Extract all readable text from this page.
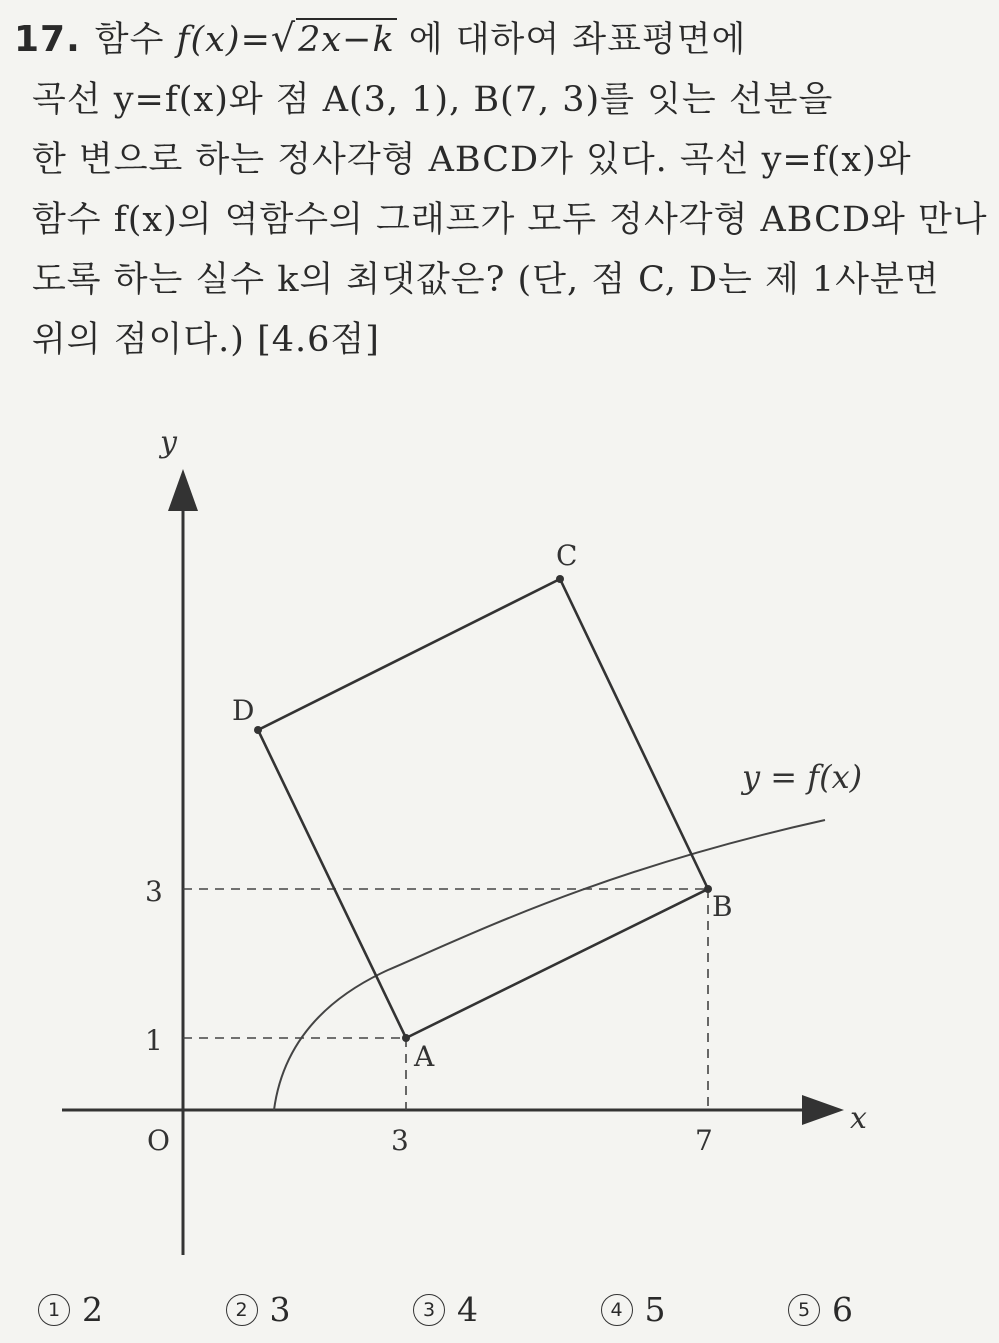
17. 함수 f(x)=√2x−k 에 대하여 좌표평면에
곡선 y=f(x)와 점 A(3, 1), B(7, 3)를 잇는 선분을
한 변으로 하는 정사각형 ABCD가 있다. 곡선 y=f(x)와
함수 f(x)의 역함수의 그래프가 모두 정사각형 ABCD와 만나
도록 하는 실수 k의 최댓값은? (단, 점 C, D는 제 1사분면
위의 점이다.) [4.6점]
y
x
O	3	7
1
3
A
B
C
D
y = f(x)
1 2	2 3	3 4	4 5	5 6
